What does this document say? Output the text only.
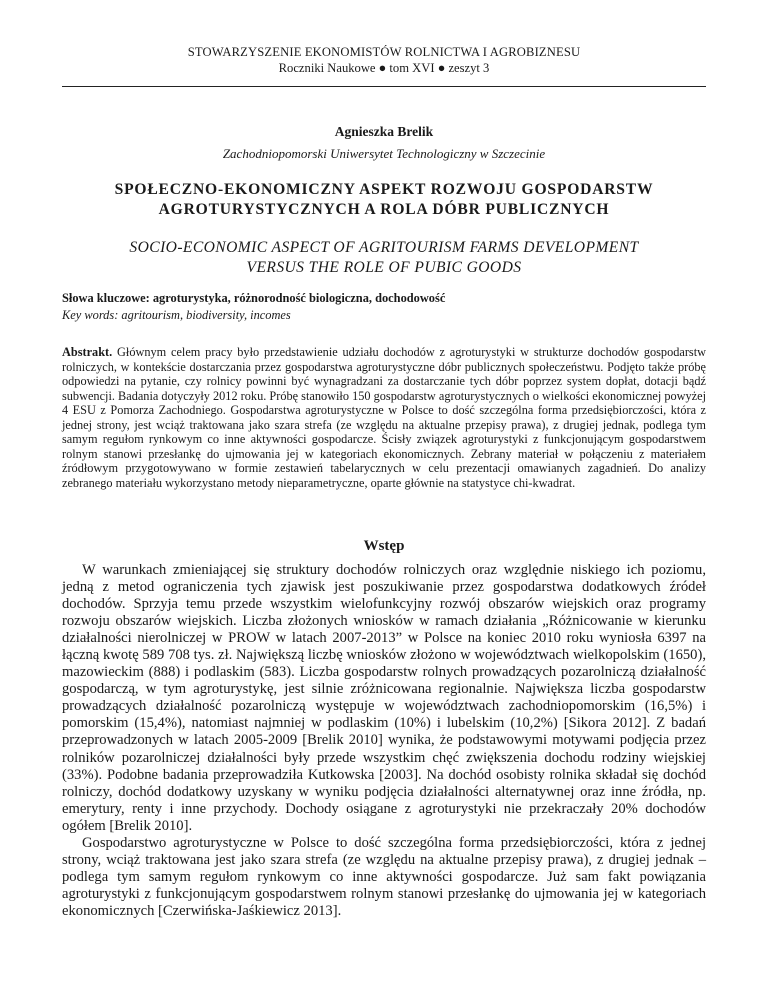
STOWARZYSZENIE EKONOMISTÓW ROLNICTWA I AGROBIZNESU
Roczniki Naukowe ● tom XVI ● zeszyt 3
Agnieszka Brelik
Zachodniopomorski Uniwersytet Technologiczny w Szczecinie
SPOŁECZNO-EKONOMICZNY ASPEKT ROZWOJU GOSPODARSTW
AGROTURYSTYCZNYCH A ROLA DÓBR PUBLICZNYCH
SOCIO-ECONOMIC ASPECT OF AGRITOURISM FARMS DEVELOPMENT
VERSUS THE ROLE OF PUBIC GOODS
Słowa kluczowe: agroturystyka, różnorodność biologiczna, dochodowość
Key words: agritourism, biodiversity, incomes
Abstrakt. Głównym celem pracy było przedstawienie udziału dochodów z agroturystyki w strukturze dochodów gospodarstw rolniczych, w kontekście dostarczania przez gospodarstwa agroturystyczne dóbr publicznych społeczeństwu. Podjęto także próbę odpowiedzi na pytanie, czy rolnicy powinni być wynagradzani za dostarczanie tych dóbr poprzez system dopłat, dotacji bądź subwencji. Badania dotyczyły 2012 roku. Próbę stanowiło 150 gospodarstw agroturystycznych o wielkości ekonomicznej powyżej 4 ESU z Pomorza Zachodniego. Gospodarstwa agroturystyczne w Polsce to dość szczególna forma przedsiębiorczości, która z jednej strony, jest wciąż traktowana jako szara strefa (ze względu na aktualne przepisy prawa), z drugiej jednak, podlega tym samym regułom rynkowym co inne aktywności gospodarcze. Ścisły związek agroturystyki z funkcjonującym gospodarstwem rolnym stanowi przesłankę do ujmowania jej w kategoriach ekonomicznych. Zebrany materiał w połączeniu z materiałem źródłowym przygotowywano w formie zestawień tabelarycznych w celu prezentacji omawianych zagadnień. Do analizy zebranego materiału wykorzystano metody nieparametryczne, oparte głównie na statystyce chi-kwadrat.
Wstęp

W warunkach zmieniającej się struktury dochodów rolniczych oraz względnie niskiego ich poziomu, jedną z metod ograniczenia tych zjawisk jest poszukiwanie przez gospodarstwa dodatkowych źródeł dochodów. Sprzyja temu przede wszystkim wielofunkcyjny rozwój obszarów wiejskich oraz programy rozwoju obszarów wiejskich. Liczba złożonych wniosków w ramach działania „Różnicowanie w kierunku działalności nierolniczej w PROW w latach 2007-2013” w Polsce na koniec 2010 roku wyniosła 6397 na łączną kwotę 589 708 tys. zł. Największą liczbę wniosków złożono w województwach wielkopolskim (1650), mazowieckim (888) i podlaskim (583). Liczba gospodarstw rolnych prowadzących pozarolniczą działalność gospodarczą, w tym agroturystykę, jest silnie zróżnicowana regionalnie. Największa liczba gospodarstw prowadzących działalność pozarolniczą występuje w województwach zachodniopomorskim (16,5%) i pomorskim (15,4%), natomiast najmniej w podlaskim (10%) i lubelskim (10,2%) [Sikora 2012]. Z badań przeprowadzonych w latach 2005-2009 [Brelik 2010] wynika, że podstawowymi motywami podjęcia przez rolników pozarolniczej działalności były przede wszystkim chęć zwiększenia dochodu rodziny wiejskiej (33%). Podobne badania przeprowadziła Kutkowska [2003]. Na dochód osobisty rolnika składał się dochód rolniczy, dochód dodatkowy uzyskany w wyniku podjęcia działalności alternatywnej oraz inne źródła, np. emerytury, renty i inne przychody. Dochody osiągane z agroturystyki nie przekraczały 20% dochodów ogółem [Brelik 2010].

Gospodarstwo agroturystyczne w Polsce to dość szczególna forma przedsiębiorczości, która z jednej strony, wciąż traktowana jest jako szara strefa (ze względu na aktualne przepisy prawa), z drugiej jednak – podlega tym samym regułom rynkowym co inne aktywności gospodarcze. Już sam fakt powiązania agroturystyki z funkcjonującym gospodarstwem rolnym stanowi przesłankę do ujmowania jej w kategoriach ekonomicznych [Czerwińska-Jaśkiewicz 2013].
